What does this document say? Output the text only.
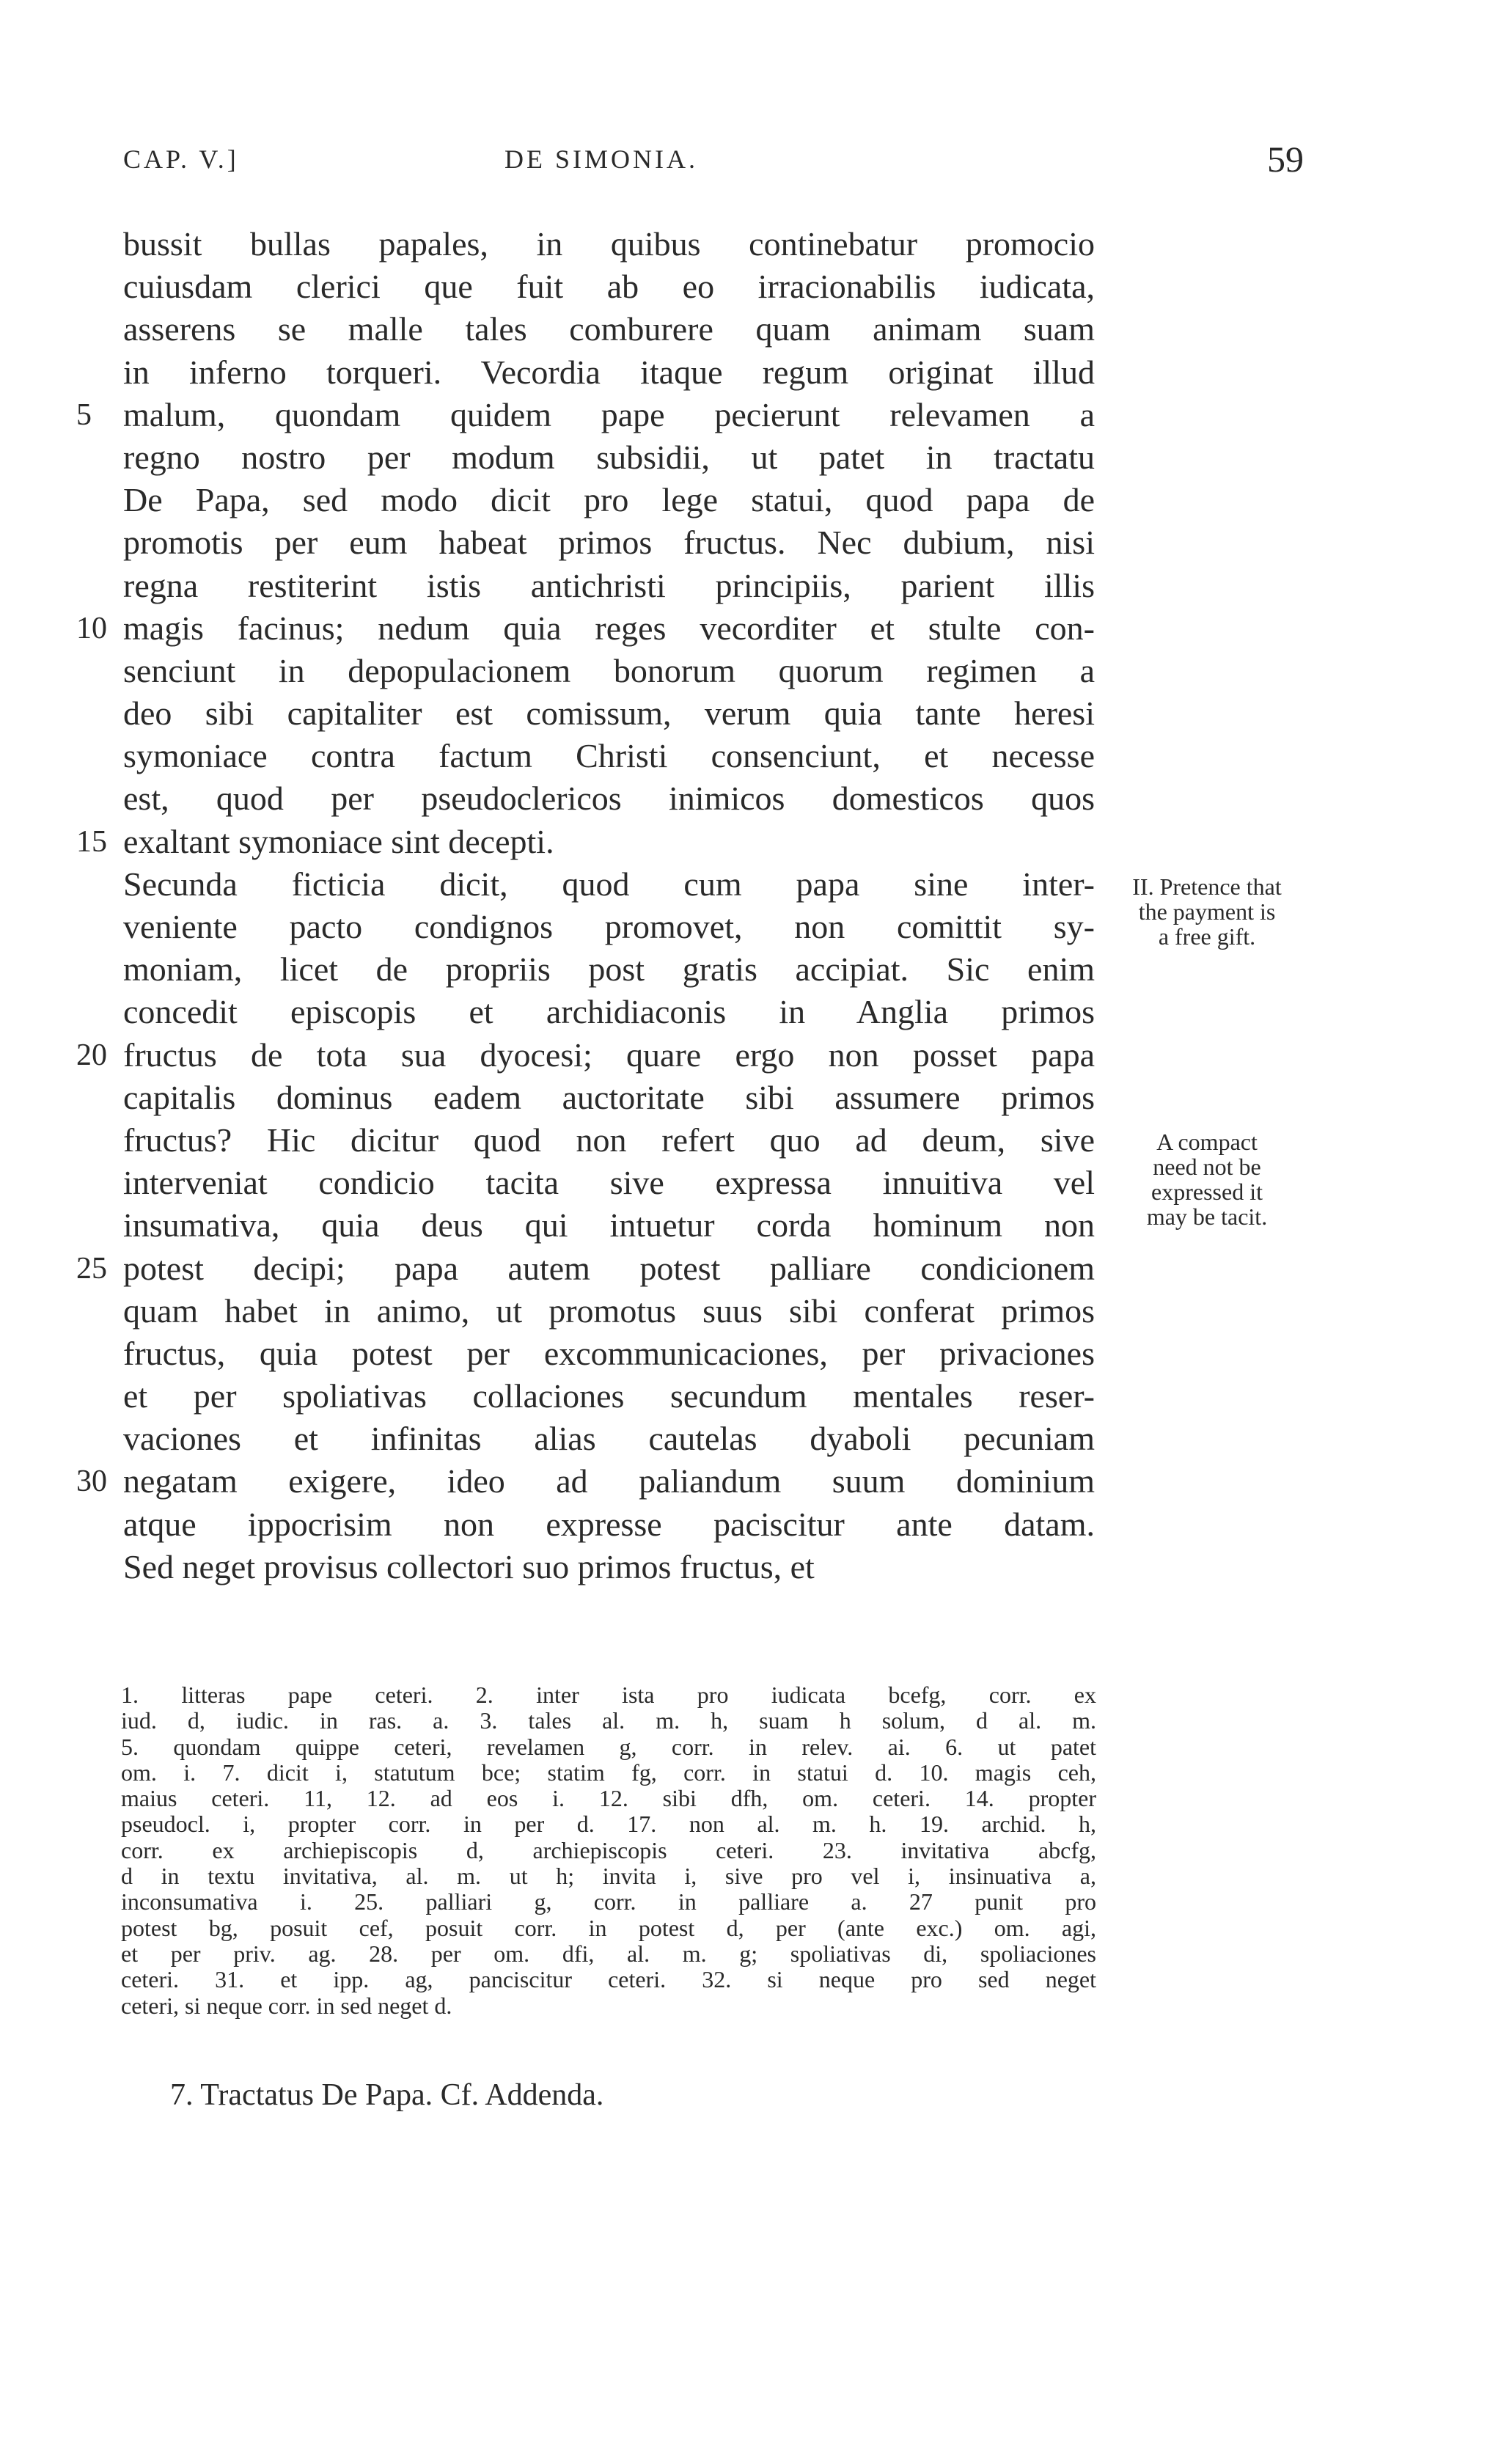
CAP. V.]	DE SIMONIA.	59
bussit bullas papales, in quibus continebatur promocio
cuiusdam clerici que fuit ab eo irracionabilis iudicata,
asserens se malle tales comburere quam animam suam
in inferno torqueri. Vecordia itaque regum originat illud
5 malum, quondam quidem pape pecierunt relevamen a
regno nostro per modum subsidii, ut patet in tractatu
De Papa, sed modo dicit pro lege statui, quod papa de
promotis per eum habeat primos fructus. Nec dubium, nisi
regna restiterint istis antichristi principiis, parient illis
10 magis facinus; nedum quia reges vecorditer et stulte con-
senciunt in depopulacionem bonorum quorum regimen a
deo sibi capitaliter est comissum, verum quia tante heresi
symoniace contra factum Christi consenciunt, et necesse
est, quod per pseudoclericos inimicos domesticos quos
15 exaltant symoniace sint decepti.
Secunda ficticia dicit, quod cum papa sine inter-
veniente pacto condignos promovet, non comittit sy-
moniam, licet de propriis post gratis accipiat. Sic enim
concedit episcopis et archidiaconis in Anglia primos
20 fructus de tota sua dyocesi; quare ergo non posset papa
capitalis dominus eadem auctoritate sibi assumere primos
fructus? Hic dicitur quod non refert quo ad deum, sive
interveniat condicio tacita sive expressa innuitiva vel
insumativa, quia deus qui intuetur corda hominum non
25 potest decipi; papa autem potest palliare condicionem
quam habet in animo, ut promotus suus sibi conferat primos
fructus, quia potest per excommunicaciones, per privaciones
et per spoliativas collaciones secundum mentales reser-
vaciones et infinitas alias cautelas dyaboli pecuniam
30 negatam exigere, ideo ad paliandum suum dominium
atque ippocrisim non expresse paciscitur ante datam.
Sed neget provisus collectori suo primos fructus, et
II. Pretence that
the payment is
a free gift.
A compact
need not be
expressed it
may be tacit.
1. litteras pape ceteri. 2. inter ista pro iudicata bcefg, corr. ex
iud. d, iudic. in ras. a. 3. tales al. m. h, suam h solum, d al. m.
5. quondam quippe ceteri, revelamen g, corr. in relev. ai. 6. ut patet
om. i. 7. dicit i, statutum bce; statim fg, corr. in statui d. 10. magis ceh,
maius ceteri. 11, 12. ad eos i. 12. sibi dfh, om. ceteri. 14. propter
pseudocl. i, propter corr. in per d. 17. non al. m. h. 19. archid. h,
corr. ex archiepiscopis d, archiepiscopis ceteri. 23. invitativa abcfg,
d in textu invitativa, al. m. ut h; invita i, sive pro vel i, insinuativa a,
inconsumativa i. 25. palliari g, corr. in palliare a. 27 punit pro
potest bg, posuit cef, posuit corr. in potest d, per (ante exc.) om. agi,
et per priv. ag. 28. per om. dfi, al. m. g; spoliativas di, spoliaciones
ceteri. 31. et ipp. ag, panciscitur ceteri. 32. si neque pro sed neget
ceteri, si neque corr. in sed neget d.
7. Tractatus De Papa. Cf. Addenda.
